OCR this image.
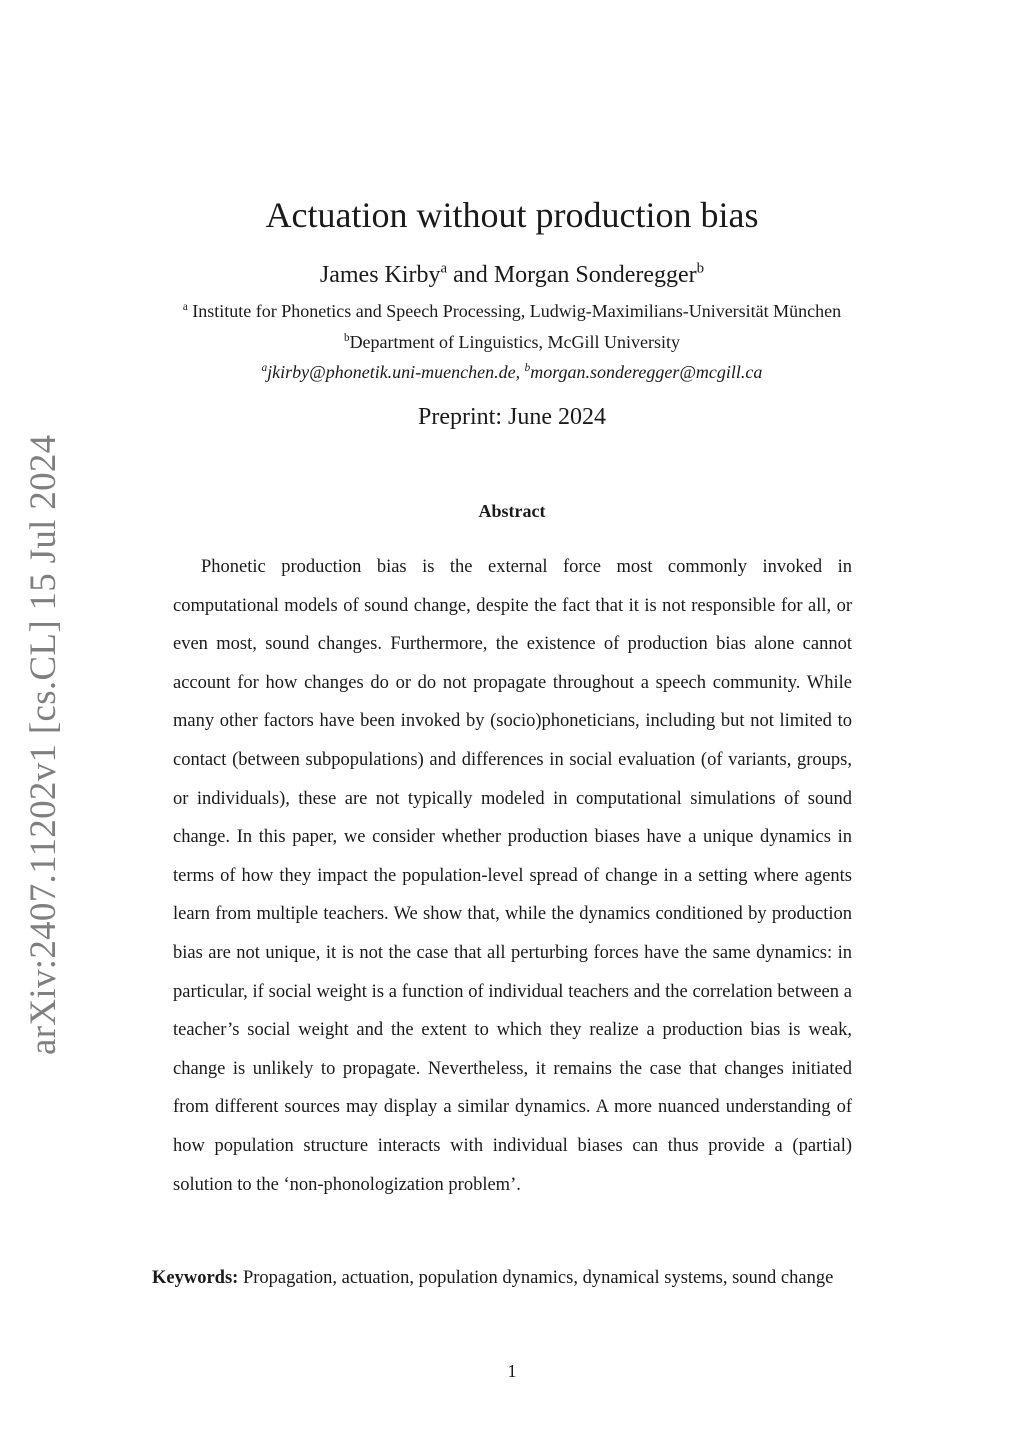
arXiv:2407.11202v1 [cs.CL] 15 Jul 2024
Actuation without production bias
James Kirby$^a$ and Morgan Sonderegger$^b$
$^a$ Institute for Phonetics and Speech Processing, Ludwig-Maximilians-Universität München
$^b$Department of Linguistics, McGill University
$^a$jkirby@phonetik.uni-muenchen.de, $^b$morgan.sonderegger@mcgill.ca
Preprint: June 2024
Abstract

Phonetic production bias is the external force most commonly invoked in computational models of sound change, despite the fact that it is not responsible for all, or even most, sound changes. Furthermore, the existence of production bias alone cannot account for how changes do or do not propagate throughout a speech community. While many other factors have been invoked by (socio)phoneticians, including but not limited to contact (between subpopulations) and differences in social evaluation (of variants, groups, or individuals), these are not typically modeled in computational simulations of sound change. In this paper, we consider whether production biases have a unique dynamics in terms of how they impact the population-level spread of change in a setting where agents learn from multiple teachers. We show that, while the dynamics conditioned by production bias are not unique, it is not the case that all perturbing forces have the same dynamics: in particular, if social weight is a function of individual teachers and the correlation between a teacher’s social weight and the extent to which they realize a production bias is weak, change is unlikely to propagate. Nevertheless, it remains the case that changes initiated from different sources may display a similar dynamics. A more nuanced understanding of how population structure interacts with individual biases can thus provide a (partial) solution to the ‘non-phonologization problem’.

Keywords: Propagation, actuation, population dynamics, dynamical systems, sound change
1
